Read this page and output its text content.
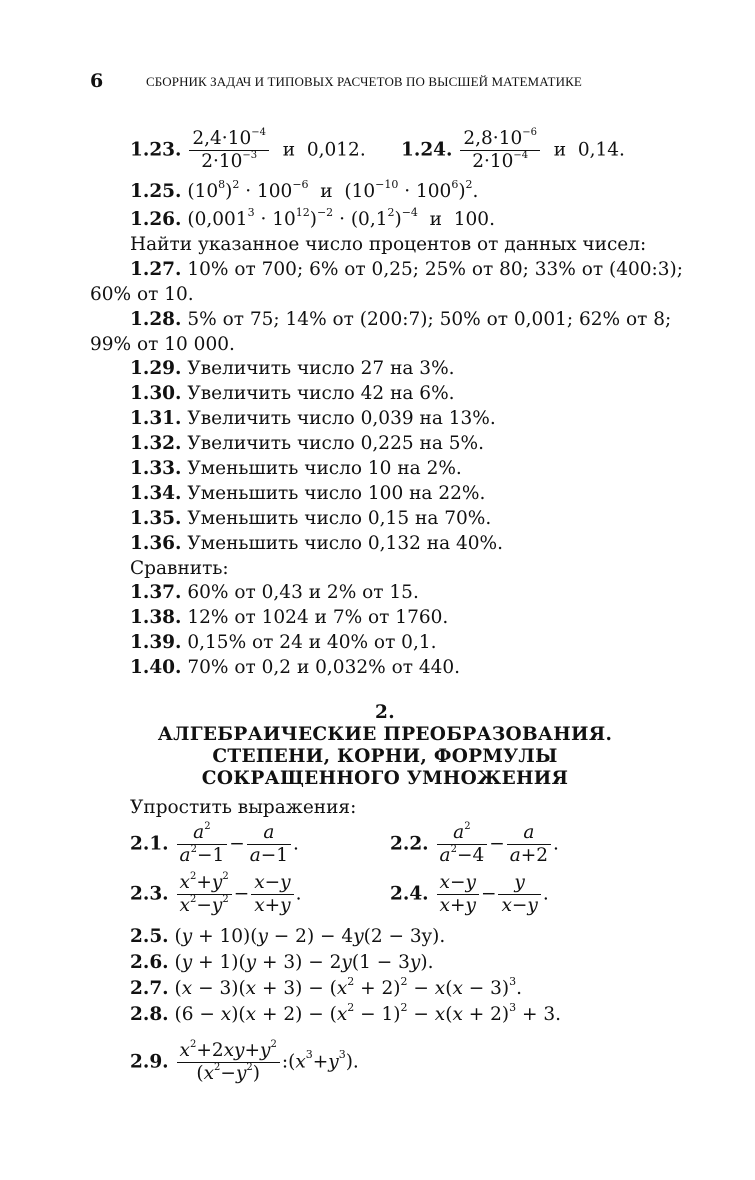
6	СБОРНИК ЗАДАЧ И ТИПОВЫХ РАСЧЕТОВ ПО ВЫСШЕЙ МАТЕМАТИКЕ
1.23. $\frac{2,4\cdot 10^{-4}}{2\cdot 10^{-3}}$ и 0,012. 1.24. $\frac{2,8\cdot 10^{-6}}{2\cdot 10^{-4}}$ и 0,14.
1.25. $(10^8)^2 \cdot 100^{-6}$  и  $(10^{-10} \cdot 100^6)^2$.
1.26. $(0,001^3 \cdot 10^{12})^{-2} \cdot (0,1^2)^{-4}$  и  100.
Найти указанное число процентов от данных чисел:
1.27. 10% от 700; 6% от 0,25; 25% от 80; 33% от (400:3);
60% от 10.
1.28. 5% от 75; 14% от (200:7); 50% от 0,001; 62% от 8;
99% от 10 000.
1.29. Увеличить число 27 на 3%.
1.30. Увеличить число 42 на 6%.
1.31. Увеличить число 0,039 на 13%.
1.32. Увеличить число 0,225 на 5%.
1.33. Уменьшить число 10 на 2%.
1.34. Уменьшить число 100 на 22%.
1.35. Уменьшить число 0,15 на 70%.
1.36. Уменьшить число 0,132 на 40%.
Сравнить:
1.37. 60% от 0,43 и 2% от 15.
1.38. 12% от 1024 и 7% от 1760.
1.39. 0,15% от 24 и 40% от 0,1.
1.40. 70% от 0,2 и 0,032% от 440.
2.
АЛГЕБРАИЧЕСКИЕ ПРЕОБРАЗОВАНИЯ.
СТЕПЕНИ, КОРНИ, ФОРМУЛЫ
СОКРАЩЕННОГО УМНОЖЕНИЯ
Упростить выражения:
2.1. $\frac{a^2}{a^2-1} - \frac{a}{a-1}$ .	2.2. $\frac{a^2}{a^2-4} - \frac{a}{a+2}$ .
2.3. $\frac{x^2+y^2}{x^2-y^2} - \frac{x-y}{x+y}$ .	2.4. $\frac{x-y}{x+y} - \frac{y}{x-y}$ .
2.5. (y + 10)(y − 2) − 4y(2 − 3y).
2.6. (y + 1)(y + 3) − 2y(1 − 3y).
2.7. $(x - 3)(x + 3) - (x^2 + 2)^2 - x(x - 3)^3$.
2.8. $(6 - x)(x + 2) - (x^2 - 1)^2 - x(x + 2)^3 + 3$.
2.9. $\frac{x^2+2xy+y^2}{(x^2-y^2)}$ $:(x^3+y^3)$.
